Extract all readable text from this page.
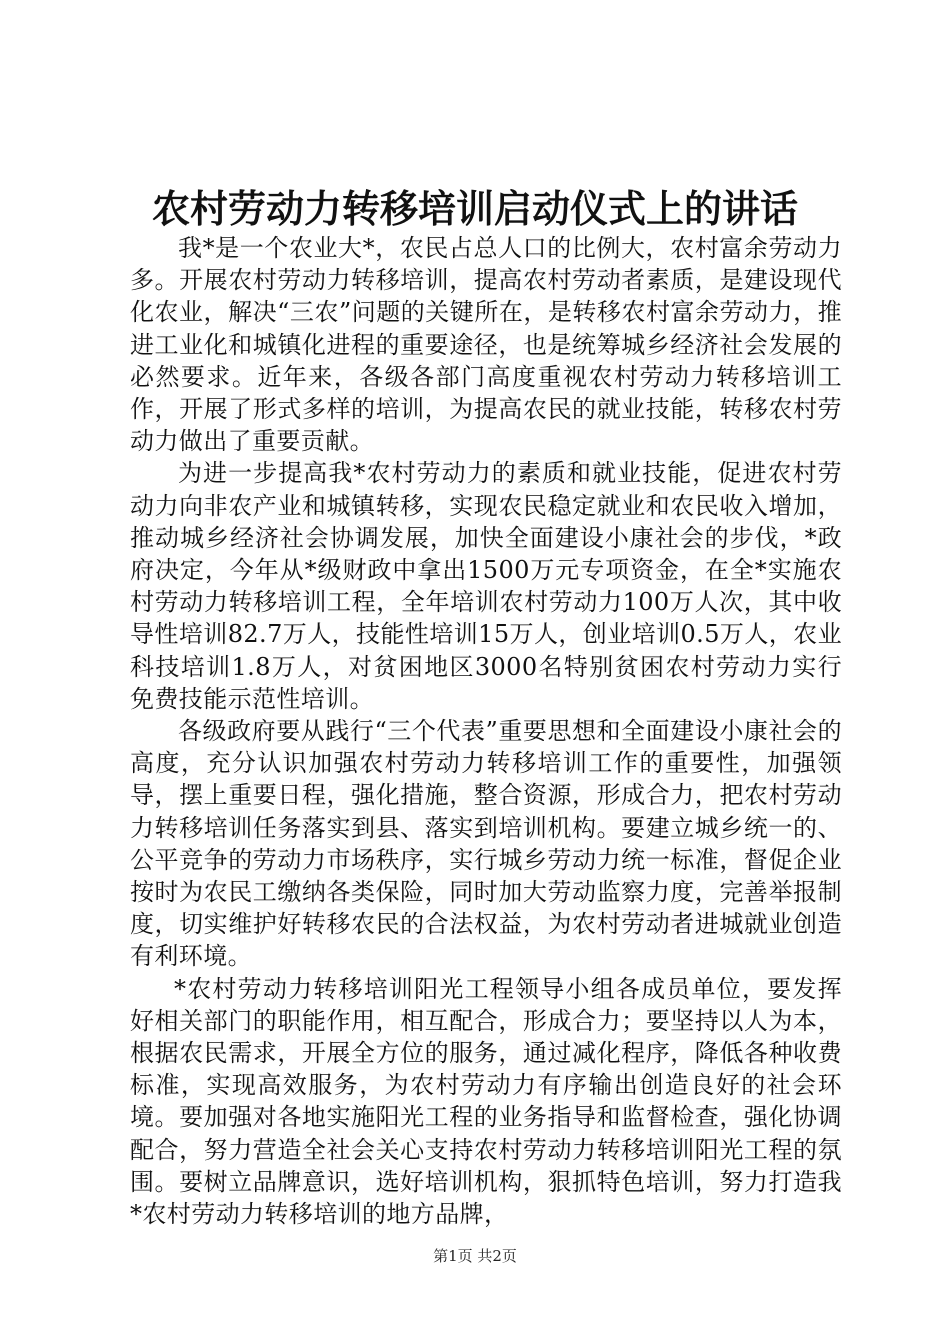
农村劳动力转移培训启动仪式上的讲话

我*是一个农业大*，农民占总人口的比例大，农村富余劳动力多。开展农村劳动力转移培训，提高农村劳动者素质，是建设现代化农业，解决“三农”问题的关键所在，是转移农村富余劳动力，推进工业化和城镇化进程的重要途径，也是统筹城乡经济社会发展的必然要求。近年来，各级各部门高度重视农村劳动力转移培训工作，开展了形式多样的培训，为提高农民的就业技能，转移农村劳动力做出了重要贡献。

为进一步提高我*农村劳动力的素质和就业技能，促进农村劳动力向非农产业和城镇转移，实现农民稳定就业和农民收入增加，推动城乡经济社会协调发展，加快全面建设小康社会的步伐，*政府决定，今年从*级财政中拿出1500万元专项资金，在全*实施农村劳动力转移培训工程，全年培训农村劳动力100万人次，其中收导性培训82.7万人，技能性培训15万人，创业培训0.5万人，农业科技培训1.8万人，对贫困地区3000名特别贫困农村劳动力实行免费技能示范性培训。

各级政府要从践行“三个代表”重要思想和全面建设小康社会的高度，充分认识加强农村劳动力转移培训工作的重要性，加强领导，摆上重要日程，强化措施，整合资源，形成合力，把农村劳动力转移培训任务落实到县、落实到培训机构。要建立城乡统一的、公平竞争的劳动力市场秩序，实行城乡劳动力统一标准，督促企业按时为农民工缴纳各类保险，同时加大劳动监察力度，完善举报制度，切实维护好转移农民的合法权益，为农村劳动者进城就业创造有利环境。

*农村劳动力转移培训阳光工程领导小组各成员单位，要发挥好相关部门的职能作用，相互配合，形成合力；要坚持以人为本，根据农民需求，开展全方位的服务，通过减化程序，降低各种收费标准，实现高效服务，为农村劳动力有序输出创造良好的社会环境。要加强对各地实施阳光工程的业务指导和监督检查，强化协调配合，努力营造全社会关心支持农村劳动力转移培训阳光工程的氛围。要树立品牌意识，选好培训机构，狠抓特色培训，努力打造我*农村劳动力转移培训的地方品牌，

第1页 共2页
